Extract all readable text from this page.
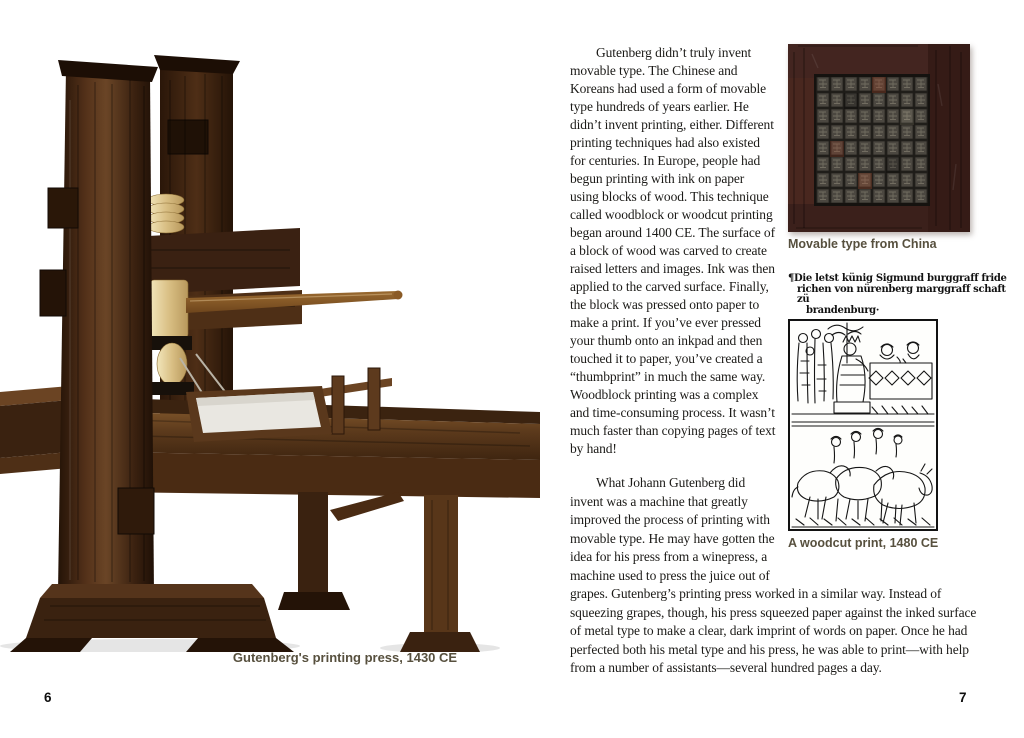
Gutenberg's printing press, 1430 CE
6	7
Movable type from China
¶Die letst künig Sigmund burggraff fride
richen von nürenberg marggraff schaft zü
brandenburg·
A woodcut print, 1480 CE

Gutenberg didn’t truly invent movable type. The Chinese and Koreans had used a form of movable type hundreds of years earlier. He didn’t invent printing, either. Different printing techniques had also existed for centuries. In Europe, people had begun printing with ink on paper using blocks of wood. This technique called woodblock or woodcut printing began around 1400 CE. The surface of a block of wood was carved to create raised letters and images. Ink was then applied to the carved surface. Finally, the block was pressed onto paper to make a print. If you’ve ever pressed your thumb onto an inkpad and then touched it to paper, you’ve created a “thumbprint” in much the same way. Woodblock printing was a complex and time-consuming process. It wasn’t much faster than copying pages of text by hand!

What Johann Gutenberg did invent was a machine that greatly improved the process of printing with movable type. He may have gotten the idea for his press from a winepress, a machine used to press the juice out of grapes. Gutenberg’s printing press worked in a similar way. Instead of squeezing grapes, though, his press squeezed paper against the inked surface of metal type to make a clear, dark imprint of words on paper. Once he had perfected both his metal type and his press, he was able to print—with help from a number of assistants—several hundred pages a day.
